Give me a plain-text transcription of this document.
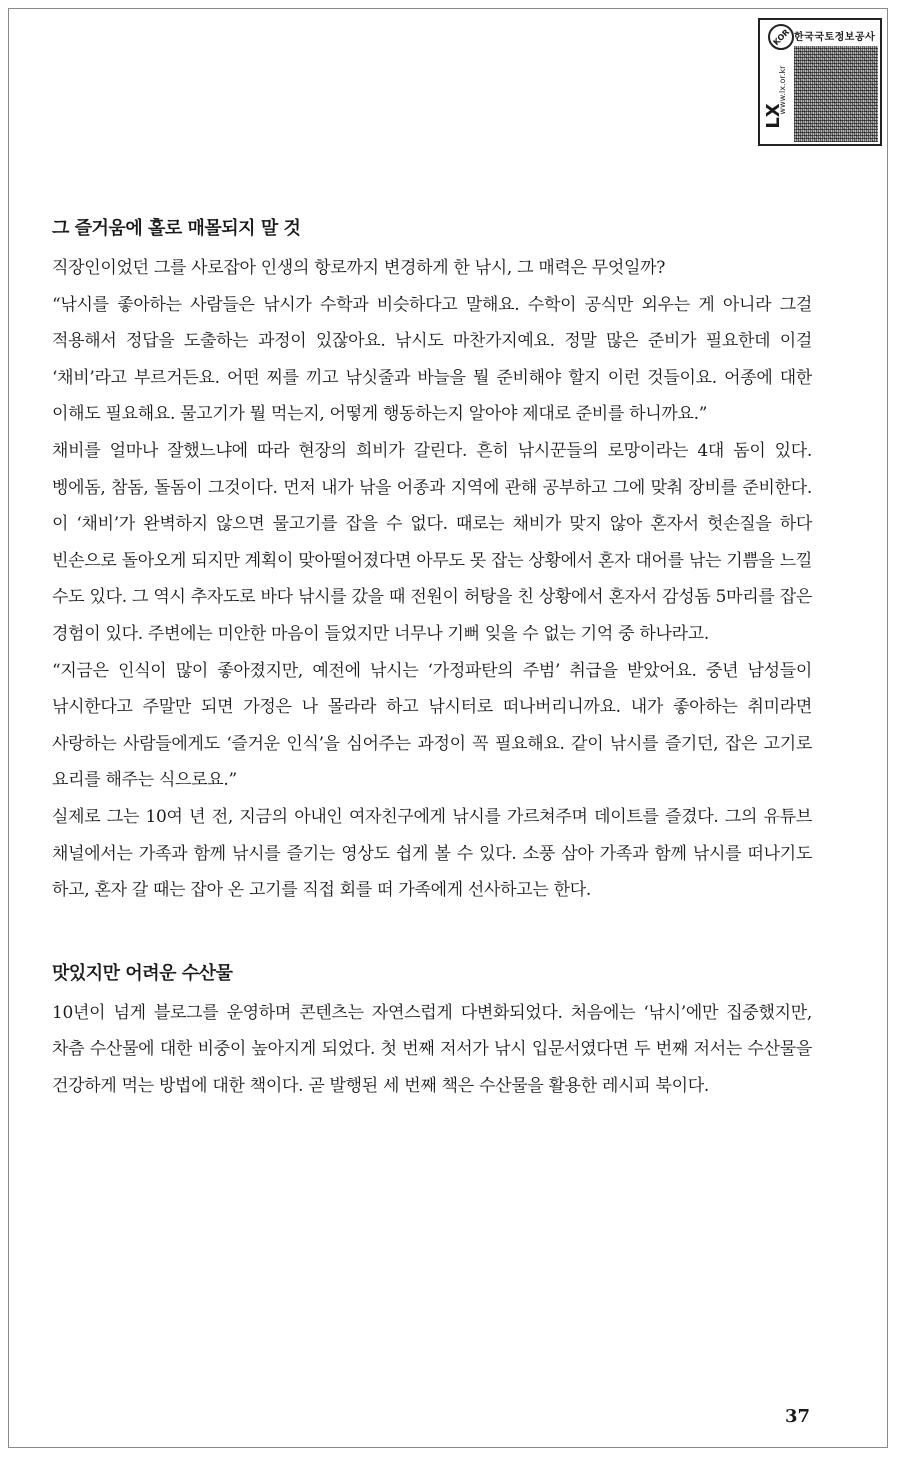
LX
www.lx.or.kr
KOR 한국국토정보공사
그 즐거움에 홀로 매몰되지 말 것

직장인이었던 그를 사로잡아 인생의 항로까지 변경하게 한 낚시, 그 매력은 무엇일까?

“낚시를 좋아하는 사람들은 낚시가 수학과 비슷하다고 말해요. 수학이 공식만 외우는 게 아니라 그걸 적용해서 정답을 도출하는 과정이 있잖아요. 낚시도 마찬가지예요. 정말 많은 준비가 필요한데 이걸 ‘채비’라고 부르거든요. 어떤 찌를 끼고 낚싯줄과 바늘을 뭘 준비해야 할지 이런 것들이요. 어종에 대한 이해도 필요해요. 물고기가 뭘 먹는지, 어떻게 행동하는지 알아야 제대로 준비를 하니까요.”

채비를 얼마나 잘했느냐에 따라 현장의 희비가 갈린다. 흔히 낚시꾼들의 로망이라는 4대 돔이 있다. 벵에돔, 참돔, 돌돔이 그것이다. 먼저 내가 낚을 어종과 지역에 관해 공부하고 그에 맞춰 장비를 준비한다. 이 ‘채비’가 완벽하지 않으면 물고기를 잡을 수 없다. 때로는 채비가 맞지 않아 혼자서 헛손질을 하다 빈손으로 돌아오게 되지만 계획이 맞아떨어졌다면 아무도 못 잡는 상황에서 혼자 대어를 낚는 기쁨을 느낄 수도 있다. 그 역시 추자도로 바다 낚시를 갔을 때 전원이 허탕을 친 상황에서 혼자서 감성돔 5마리를 잡은 경험이 있다. 주변에는 미안한 마음이 들었지만 너무나 기뻐 잊을 수 없는 기억 중 하나라고.

“지금은 인식이 많이 좋아졌지만, 예전에 낚시는 ‘가정파탄의 주범’ 취급을 받았어요. 중년 남성들이 낚시한다고 주말만 되면 가정은 나 몰라라 하고 낚시터로 떠나버리니까요. 내가 좋아하는 취미라면 사랑하는 사람들에게도 ‘즐거운 인식’을 심어주는 과정이 꼭 필요해요. 같이 낚시를 즐기던, 잡은 고기로 요리를 해주는 식으로요.”

실제로 그는 10여 년 전, 지금의 아내인 여자친구에게 낚시를 가르쳐주며 데이트를 즐겼다. 그의 유튜브 채널에서는 가족과 함께 낚시를 즐기는 영상도 쉽게 볼 수 있다. 소풍 삼아 가족과 함께 낚시를 떠나기도 하고, 혼자 갈 때는 잡아 온 고기를 직접 회를 떠 가족에게 선사하고는 한다.

맛있지만 어려운 수산물

10년이 넘게 블로그를 운영하며 콘텐츠는 자연스럽게 다변화되었다. 처음에는 ‘낚시’에만 집중했지만, 차츰 수산물에 대한 비중이 높아지게 되었다. 첫 번째 저서가 낚시 입문서였다면 두 번째 저서는 수산물을 건강하게 먹는 방법에 대한 책이다. 곧 발행된 세 번째 책은 수산물을 활용한 레시피 북이다.

37
